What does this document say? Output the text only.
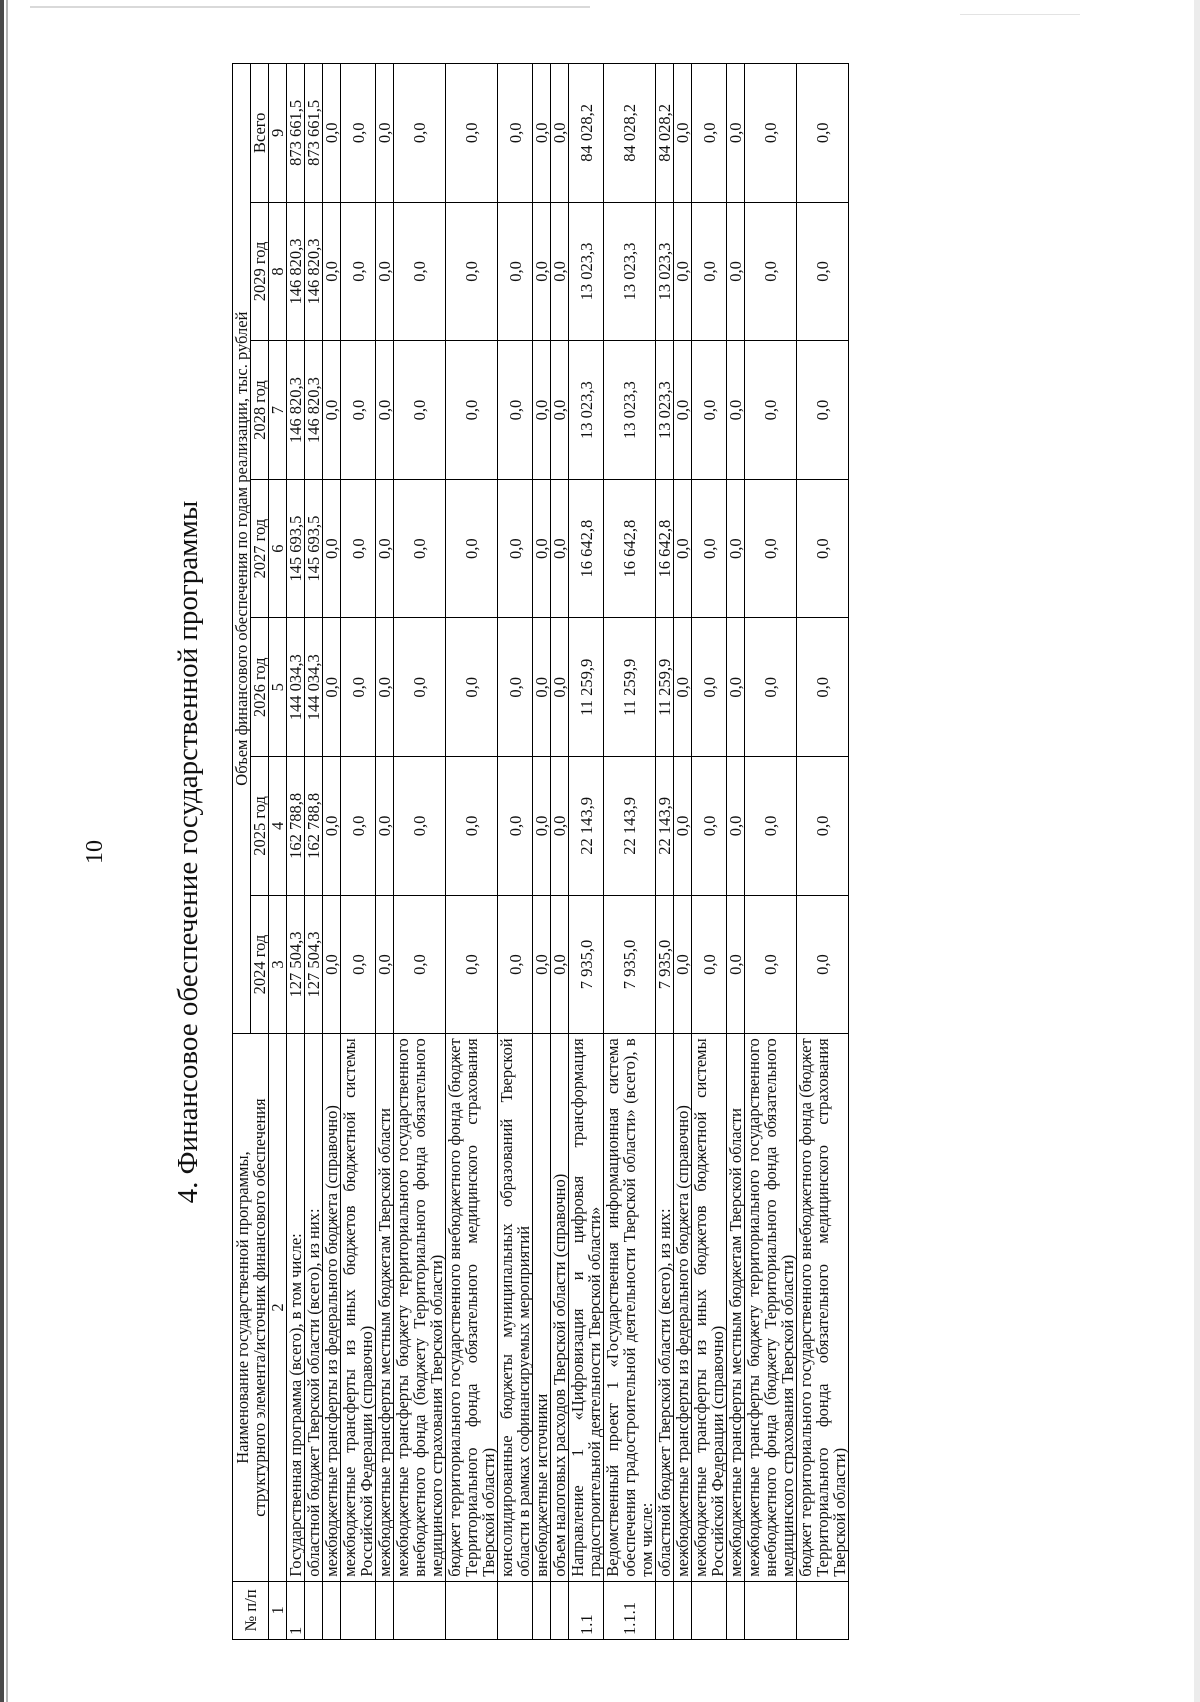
10 4. Финансовое обеспечение государственной программы
№ п/п	Наименование государственной программы,
структурного элемента/источник финансового обеспечения	Объем финансового обеспечения по годам реализации, тыс. рублей						
		2024 год	2025 год	2026 год	2027 год	2028 год	2029 год	Всего
1	2	3	4	5	6	7	8	9
1	Государственная программа (всего), в том числе:	127 504,3	162 788,8	144 034,3	145 693,5	146 820,3	146 820,3	873 661,5
	областной бюджет Тверской области (всего), из них:	127 504,3	162 788,8	144 034,3	145 693,5	146 820,3	146 820,3	873 661,5
	межбюджетные трансферты из федерального бюджета (справочно)	0,0	0,0	0,0	0,0	0,0	0,0	0,0
	межбюджетные трансферты из иных бюджетов бюджетной системы Российской Федерации (справочно)	0,0	0,0	0,0	0,0	0,0	0,0	0,0
	межбюджетные трансферты местным бюджетам Тверской области	0,0	0,0	0,0	0,0	0,0	0,0	0,0
	межбюджетные трансферты бюджету территориального государственного внебюджетного фонда (бюджету Территориального фонда обязательного медицинского страхования Тверской области)	0,0	0,0	0,0	0,0	0,0	0,0	0,0
	бюджет территориального государственного внебюджетного фонда (бюджет Территориального фонда обязательного медицинского страхования Тверской области)	0,0	0,0	0,0	0,0	0,0	0,0	0,0
	консолидированные бюджеты муниципальных образований Тверской области в рамках софинансируемых мероприятий	0,0	0,0	0,0	0,0	0,0	0,0	0,0
	внебюджетные источники	0,0	0,0	0,0	0,0	0,0	0,0	0,0
	объем налоговых расходов Тверской области (справочно)	0,0	0,0	0,0	0,0	0,0	0,0	0,0
1.1	Направление 1 «Цифровизация и цифровая трансформация градостроительной деятельности Тверской области»	7 935,0	22 143,9	11 259,9	16 642,8	13 023,3	13 023,3	84 028,2
1.1.1	Ведомственный проект 1 «Государственная информационная система обеспечения градостроительной деятельности Тверской области» (всего), в том числе:	7 935,0	22 143,9	11 259,9	16 642,8	13 023,3	13 023,3	84 028,2
	областной бюджет Тверской области (всего), из них:	7 935,0	22 143,9	11 259,9	16 642,8	13 023,3	13 023,3	84 028,2
	межбюджетные трансферты из федерального бюджета (справочно)	0,0	0,0	0,0	0,0	0,0	0,0	0,0
	межбюджетные трансферты из иных бюджетов бюджетной системы Российской Федерации (справочно)	0,0	0,0	0,0	0,0	0,0	0,0	0,0
	межбюджетные трансферты местным бюджетам Тверской области	0,0	0,0	0,0	0,0	0,0	0,0	0,0
	межбюджетные трансферты бюджету территориального государственного внебюджетного фонда (бюджету Территориального фонда обязательного медицинского страхования Тверской области)	0,0	0,0	0,0	0,0	0,0	0,0	0,0
	бюджет территориального государственного внебюджетного фонда (бюджет Территориального фонда обязательного медицинского страхования Тверской области)	0,0	0,0	0,0	0,0	0,0	0,0	0,0
